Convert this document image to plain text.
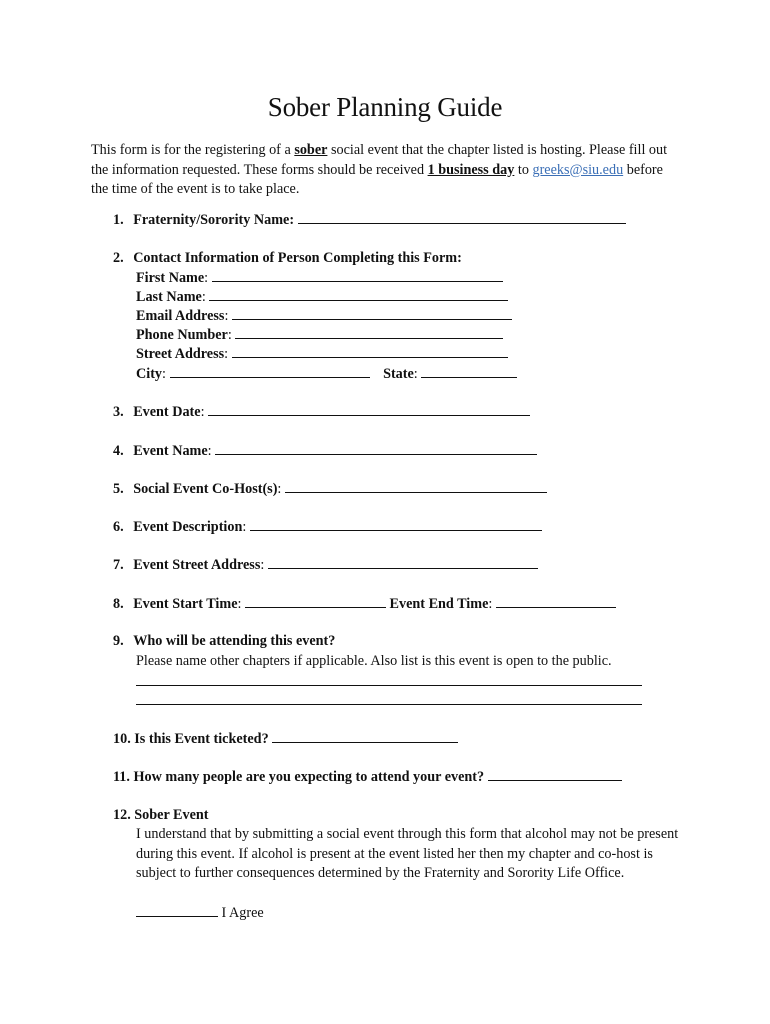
Sober Planning Guide
This form is for the registering of a sober social event that the chapter listed is hosting. Please fill out the information requested. These forms should be received 1 business day to greeks@siu.edu before the time of the event is to take place.
1. Fraternity/Sorority Name:
2. Contact Information of Person Completing this Form:
First Name:
Last Name:
Email Address:
Phone Number:
Street Address:
City:	State:
3. Event Date:
4. Event Name:
5. Social Event Co-Host(s):
6. Event Description:
7. Event Street Address:
8. Event Start Time:	Event End Time:
9. Who will be attending this event?
Please name other chapters if applicable. Also list is this event is open to the public.
10. Is this Event ticketed?
11. How many people are you expecting to attend your event?
12. Sober Event
I understand that by submitting a social event through this form that alcohol may not be present during this event. If alcohol is present at the event listed her then my chapter and co-host is subject to further consequences determined by the Fraternity and Sorority Life Office.
I Agree
